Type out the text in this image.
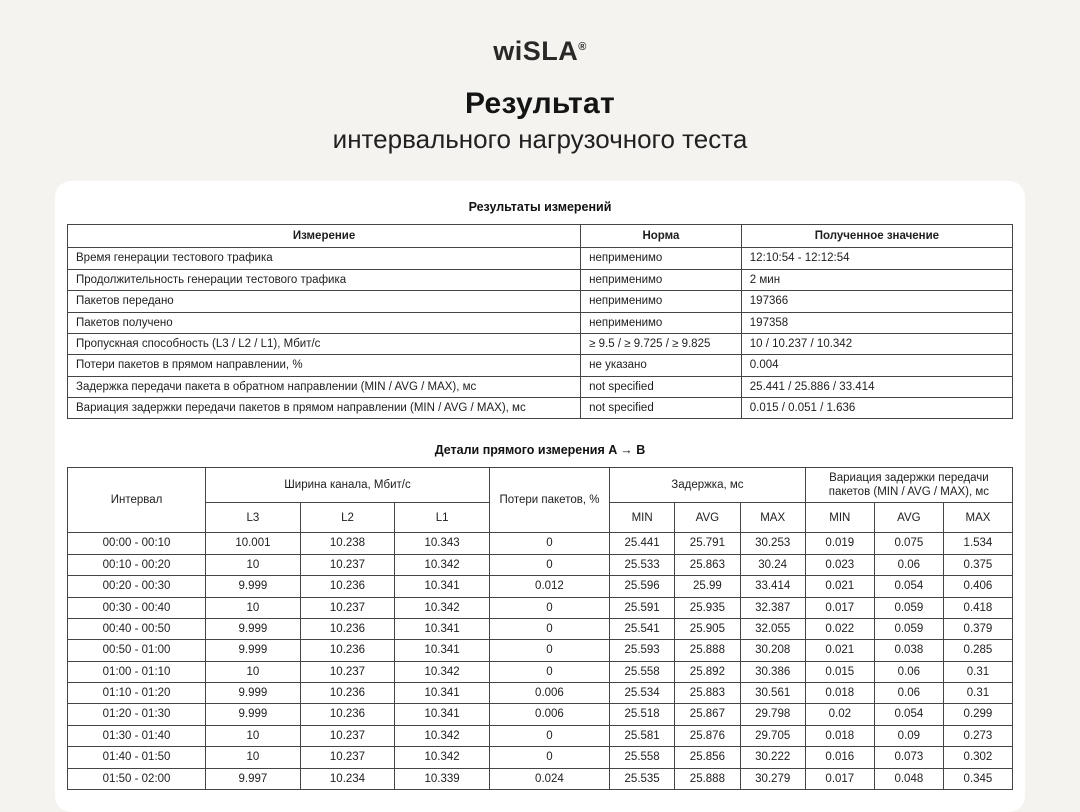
wiSLA®
Результат
интервального нагрузочного теста
Результаты измерений
Измерение	Норма	Полученное значение
Время генерации тестового трафика	неприменимо	12:10:54 - 12:12:54
Продолжительность генерации тестового трафика	неприменимо	2 мин
Пакетов передано	неприменимо	197366
Пакетов получено	неприменимо	197358
Пропускная способность (L3 / L2 / L1), Мбит/с	≥ 9.5 / ≥ 9.725 / ≥ 9.825	10 / 10.237 / 10.342
Потери пакетов в прямом направлении, %	не указано	0.004
Задержка передачи пакета в обратном направлении (MIN / AVG / MAX), мс	not specified	25.441 / 25.886 / 33.414
Вариация задержки передачи пакетов в прямом направлении (MIN / AVG / MAX), мс	not specified	0.015 / 0.051 / 1.636
Детали прямого измерения A → B
Интервал	Ширина канала, Мбит/с			Потери пакетов, %	Задержка, мс			Вариация задержки передачи пакетов (MIN / AVG / MAX), мс		
	L3	L2	L1		MIN	AVG	MAX	MIN	AVG	MAX
00:00 - 00:10	10.001	10.238	10.343	0	25.441	25.791	30.253	0.019	0.075	1.534
00:10 - 00:20	10	10.237	10.342	0	25.533	25.863	30.24	0.023	0.06	0.375
00:20 - 00:30	9.999	10.236	10.341	0.012	25.596	25.99	33.414	0.021	0.054	0.406
00:30 - 00:40	10	10.237	10.342	0	25.591	25.935	32.387	0.017	0.059	0.418
00:40 - 00:50	9.999	10.236	10.341	0	25.541	25.905	32.055	0.022	0.059	0.379
00:50 - 01:00	9.999	10.236	10.341	0	25.593	25.888	30.208	0.021	0.038	0.285
01:00 - 01:10	10	10.237	10.342	0	25.558	25.892	30.386	0.015	0.06	0.31
01:10 - 01:20	9.999	10.236	10.341	0.006	25.534	25.883	30.561	0.018	0.06	0.31
01:20 - 01:30	9.999	10.236	10.341	0.006	25.518	25.867	29.798	0.02	0.054	0.299
01:30 - 01:40	10	10.237	10.342	0	25.581	25.876	29.705	0.018	0.09	0.273
01:40 - 01:50	10	10.237	10.342	0	25.558	25.856	30.222	0.016	0.073	0.302
01:50 - 02:00	9.997	10.234	10.339	0.024	25.535	25.888	30.279	0.017	0.048	0.345
